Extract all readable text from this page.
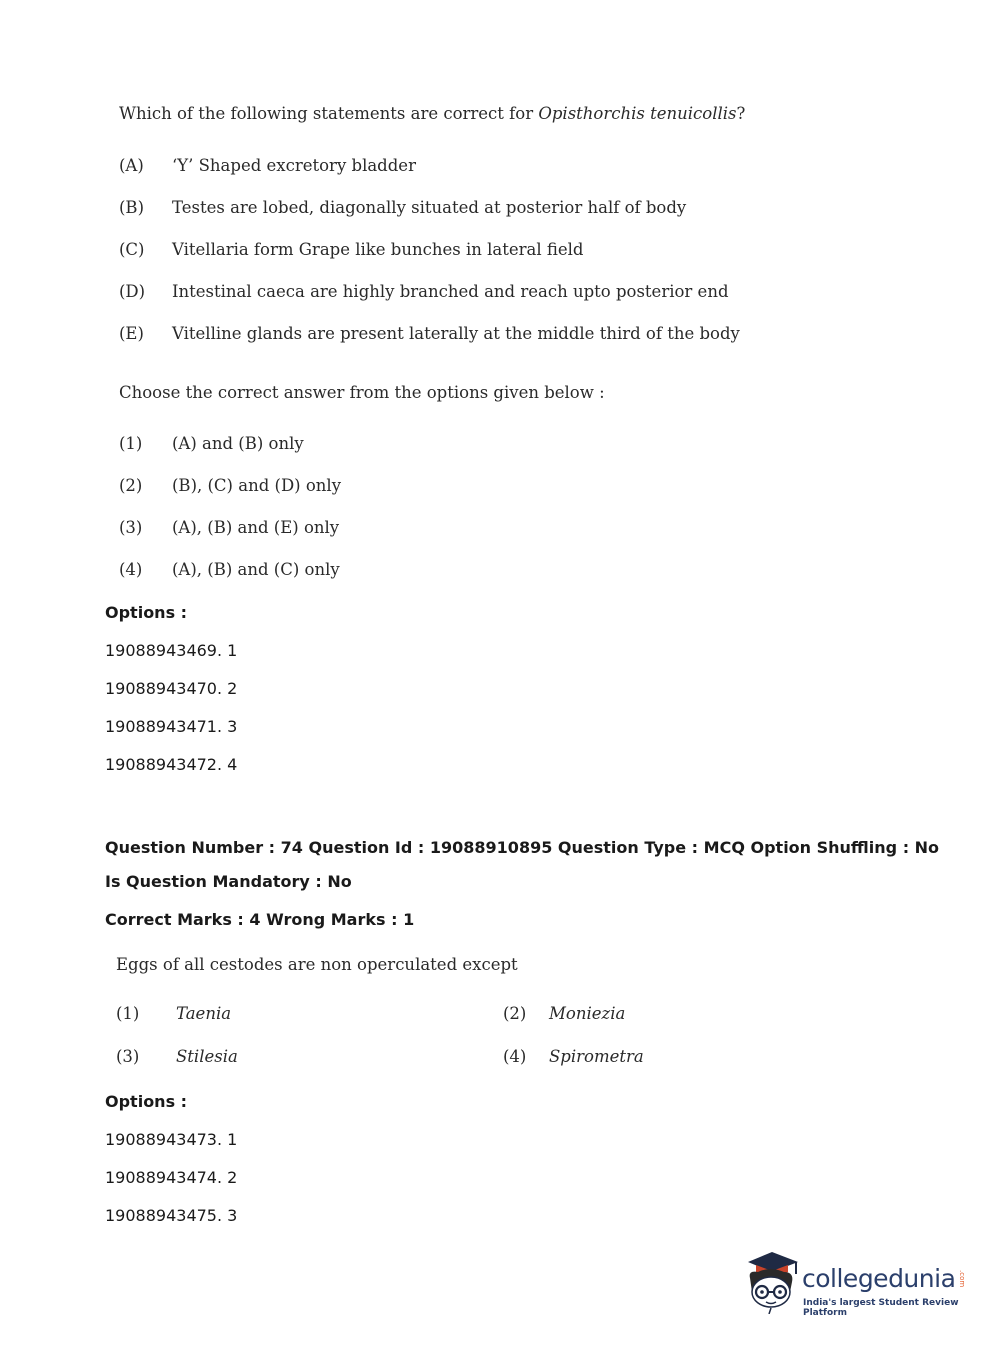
Which of the following statements are correct for Opisthorchis tenuicollis?
(A) ‘Y’ Shaped excretory bladder
(B) Testes are lobed, diagonally situated at posterior half of body
(C) Vitellaria form Grape like bunches in lateral field
(D) Intestinal caeca are highly branched and reach upto posterior end
(E) Vitelline glands are present laterally at the middle third of the body
Choose the correct answer from the options given below :
(1) (A) and (B) only
(2) (B), (C) and (D) only
(3) (A), (B) and (E) only
(4) (A), (B) and (C) only
Options :
19088943469. 1
19088943470. 2
19088943471. 3
19088943472. 4
Question Number : 74 Question Id : 19088910895 Question Type : MCQ Option Shuffling : No
Is Question Mandatory : No
Correct Marks : 4 Wrong Marks : 1
Eggs of all cestodes are non operculated except
(1) Taenia	(2) Moniezia
(3) Stilesia	(4) Spirometra
Options :
19088943473. 1
19088943474. 2
19088943475. 3
collegedunia .com
India's largest Student Review Platform
